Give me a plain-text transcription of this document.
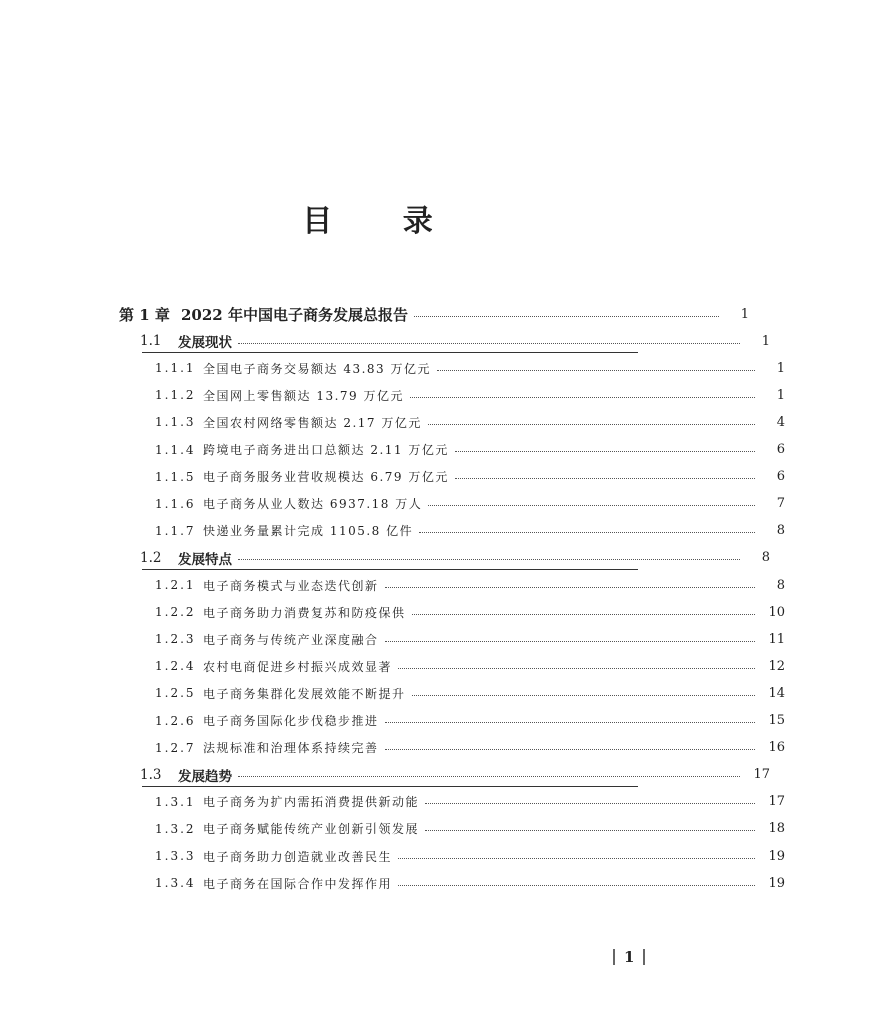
目 录
第 1 章 2022 年中国电子商务发展总报告	1
1.1	发展现状	1
1.1.1 全国电子商务交易额达 43.83 万亿元	1
1.1.2 全国网上零售额达 13.79 万亿元	1
1.1.3 全国农村网络零售额达 2.17 万亿元	4
1.1.4 跨境电子商务进出口总额达 2.11 万亿元	6
1.1.5 电子商务服务业营收规模达 6.79 万亿元	6
1.1.6 电子商务从业人数达 6937.18 万人	7
1.1.7 快递业务量累计完成 1105.8 亿件	8
1.2	发展特点	8
1.2.1 电子商务模式与业态迭代创新	8
1.2.2 电子商务助力消费复苏和防疫保供	10
1.2.3 电子商务与传统产业深度融合	11
1.2.4 农村电商促进乡村振兴成效显著	12
1.2.5 电子商务集群化发展效能不断提升	14
1.2.6 电子商务国际化步伐稳步推进	15
1.2.7 法规标准和治理体系持续完善	16
1.3	发展趋势	17
1.3.1 电子商务为扩内需拓消费提供新动能	17
1.3.2 电子商务赋能传统产业创新引领发展	18
1.3.3 电子商务助力创造就业改善民生	19
1.3.4 电子商务在国际合作中发挥作用	19
1
